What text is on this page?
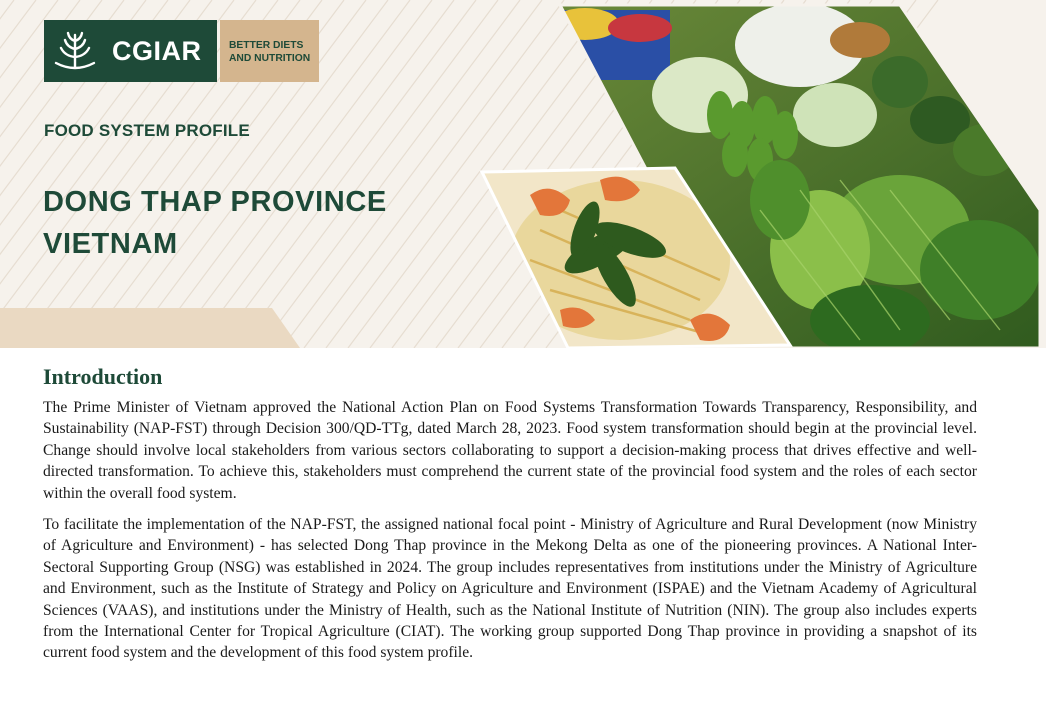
CGIAR	BETTER DIETS
AND NUTRITION
FOOD SYSTEM PROFILE
DONG THAP PROVINCE
VIETNAM
Introduction

The Prime Minister of Vietnam approved the National Action Plan on Food Systems Transformation Towards Transparency, Responsibility, and Sustainability (NAP-FST) through Decision 300/QD-TTg, dated March 28, 2023. Food system transformation should begin at the provincial level. Change should involve local stakeholders from various sectors collaborating to support a decision-making process that drives effective and well-directed transformation. To achieve this, stakeholders must comprehend the current state of the provincial food system and the roles of each sector within the overall food system.

To facilitate the implementation of the NAP-FST, the assigned national focal point - Ministry of Agriculture and Rural Development (now Ministry of Agriculture and Environment) - has selected Dong Thap province in the Mekong Delta as one of the pioneering provinces. A National Inter-Sectoral Supporting Group (NSG) was established in 2024. The group includes representatives from institutions under the Ministry of Agriculture and Environment, such as the Institute of Strategy and Policy on Agriculture and Environment (ISPAE) and the Vietnam Academy of Agricultural Sciences (VAAS), and institutions under the Ministry of Health, such as the National Institute of Nutrition (NIN). The group also includes experts from the International Center for Tropical Agriculture (CIAT). The working group supported Dong Thap province in providing a snapshot of its current food system and the development of this food system profile.
